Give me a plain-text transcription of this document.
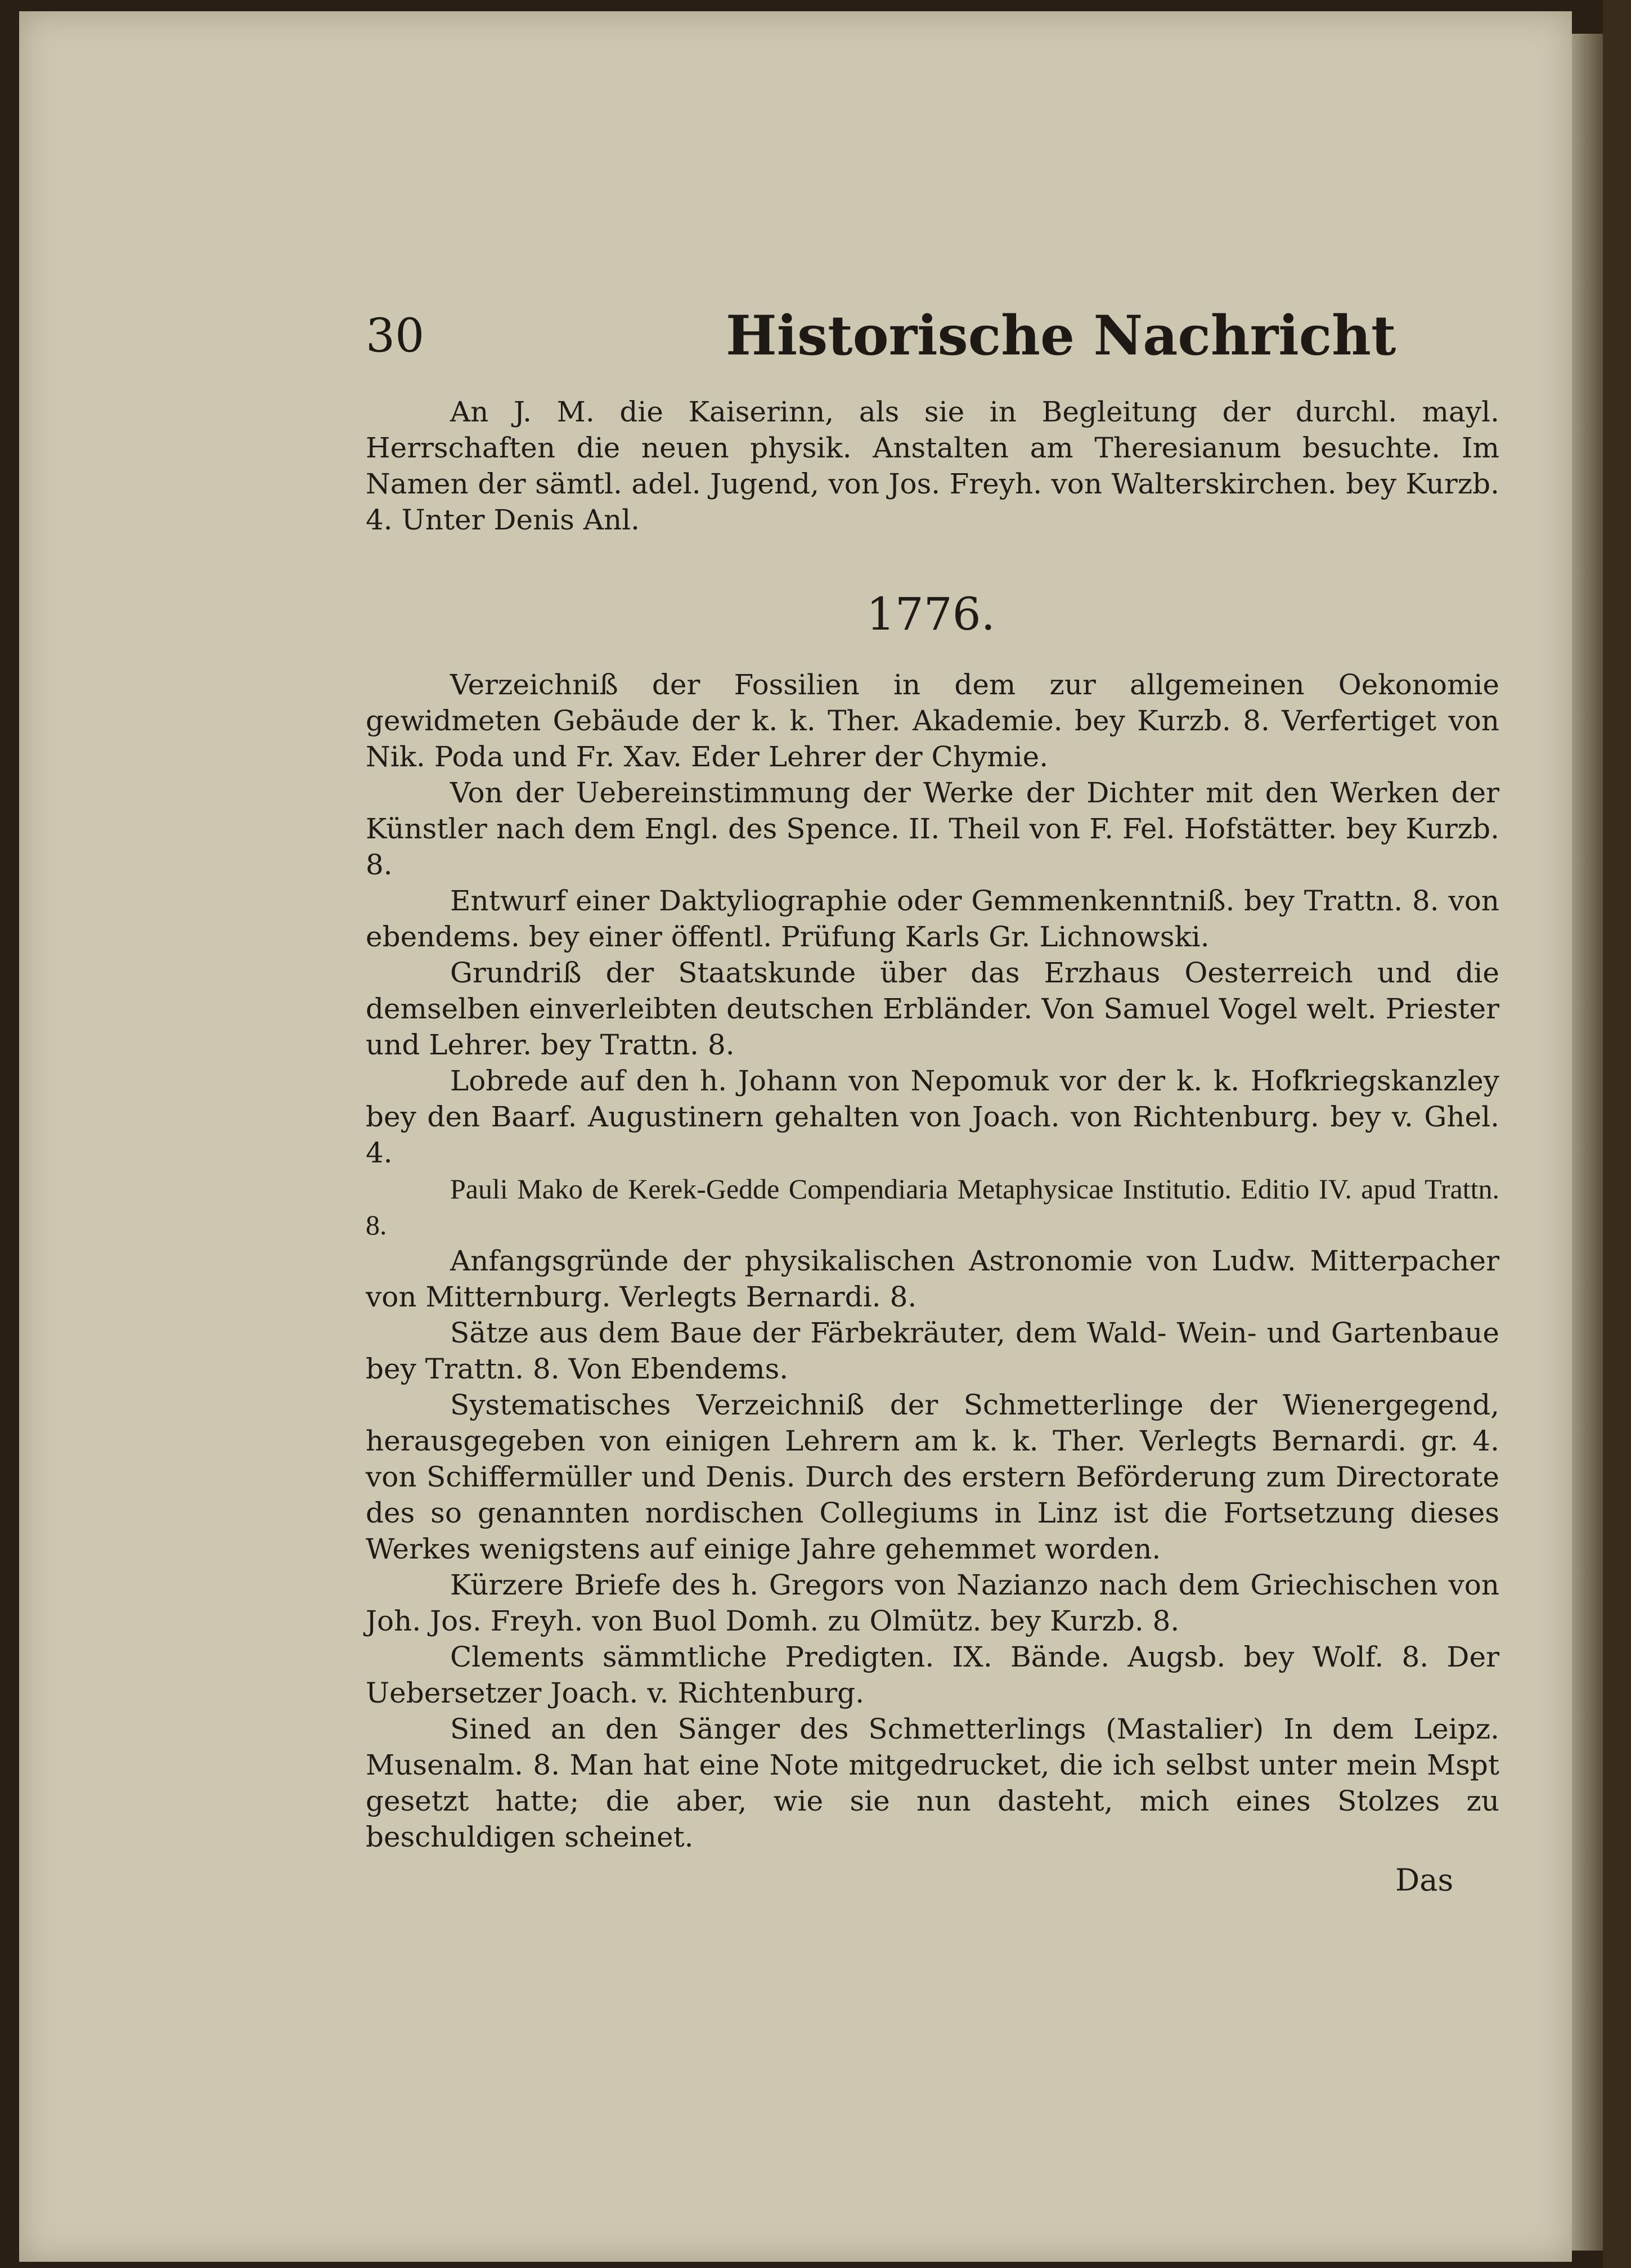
30	Historische Nachricht

An J. M. die Kaiserinn, als sie in Begleitung der durchl. mayl. Herrschaften die neuen physik. Anstalten am Theresianum besuchte. Im Namen der sämtl. adel. Jugend, von Jos. Freyh. von Walterskirchen. bey Kurzb. 4. Unter Denis Anl.

1776.

Verzeichniß der Fossilien in dem zur allgemeinen Oekonomie gewidmeten Gebäude der k. k. Ther. Akademie. bey Kurzb. 8. Verfertiget von Nik. Poda und Fr. Xav. Eder Lehrer der Chymie.

Von der Uebereinstimmung der Werke der Dichter mit den Werken der Künstler nach dem Engl. des Spence. II. Theil von F. Fel. Hofstätter. bey Kurzb. 8.

Entwurf einer Daktyliographie oder Gemmenkenntniß. bey Trattn. 8. von ebendems. bey einer öffentl. Prüfung Karls Gr. Lichnowski.

Grundriß der Staatskunde über das Erzhaus Oesterreich und die demselben einverleibten deutschen Erbländer. Von Samuel Vogel welt. Priester und Lehrer. bey Trattn. 8.

Lobrede auf den h. Johann von Nepomuk vor der k. k. Hofkriegskanzley bey den Baarf. Augustinern gehalten von Joach. von Richtenburg. bey v. Ghel. 4.

Pauli Mako de Kerek-Gedde Compendiaria Metaphysicae Institutio. Editio IV. apud Trattn. 8.

Anfangsgründe der physikalischen Astronomie von Ludw. Mitterpacher von Mitternburg. Verlegts Bernardi. 8.

Sätze aus dem Baue der Färbekräuter, dem Wald- Wein- und Gartenbaue bey Trattn. 8. Von Ebendems.

Systematisches Verzeichniß der Schmetterlinge der Wienergegend, herausgegeben von einigen Lehrern am k. k. Ther. Verlegts Bernardi. gr. 4. von Schiffermüller und Denis. Durch des erstern Beförderung zum Directorate des so genannten nordischen Collegiums in Linz ist die Fortsetzung dieses Werkes wenigstens auf einige Jahre gehemmet worden.

Kürzere Briefe des h. Gregors von Nazianzo nach dem Griechischen von Joh. Jos. Freyh. von Buol Domh. zu Olmütz. bey Kurzb. 8.

Clements sämmtliche Predigten. IX. Bände. Augsb. bey Wolf. 8. Der Uebersetzer Joach. v. Richtenburg.

Sined an den Sänger des Schmetterlings (Mastalier) In dem Leipz. Musenalm. 8. Man hat eine Note mitgedrucket, die ich selbst unter mein Mspt gesetzt hatte; die aber, wie sie nun dasteht, mich eines Stolzes zu beschuldigen scheinet.

Das
